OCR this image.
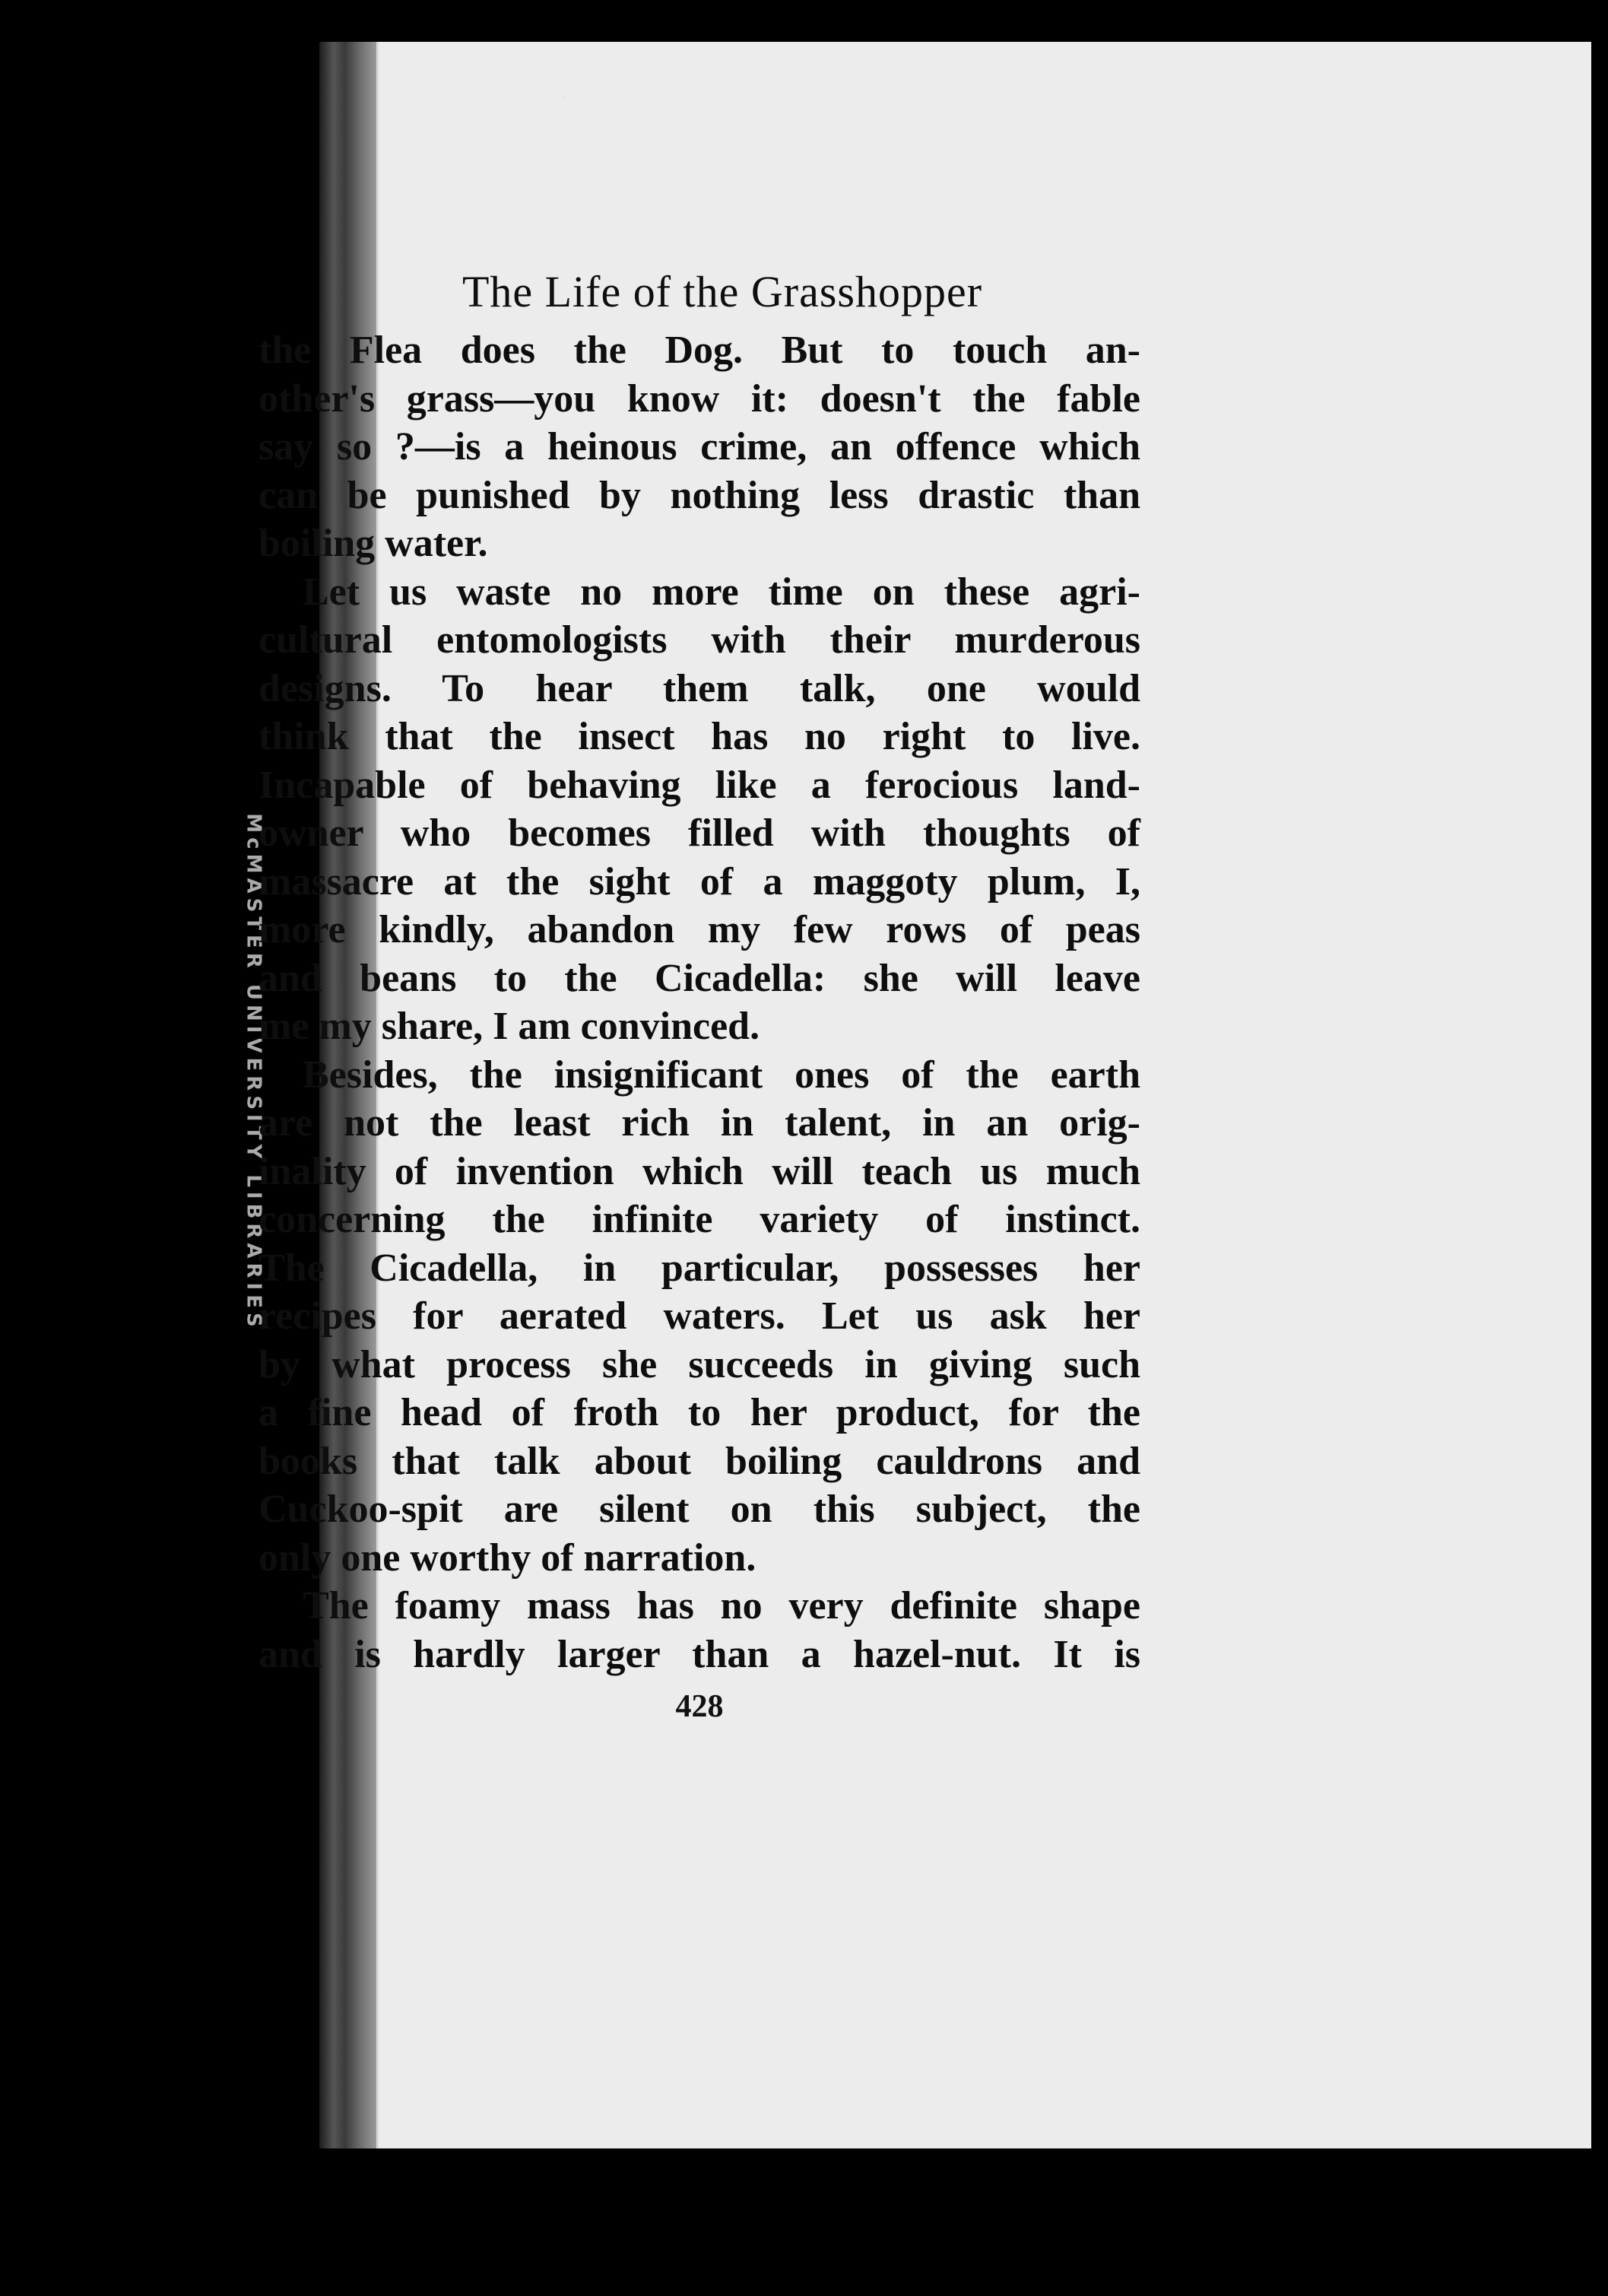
McMASTER UNIVERSITY LIBRARIES
The Life of the Grasshopper

the Flea does the Dog. But to touch an-
other's grass—you know it: doesn't the fable
say so ?—is a heinous crime, an offence which
can be punished by nothing less drastic than
boiling water.

Let us waste no more time on these agri-
cultural entomologists with their murderous
designs. To hear them talk, one would
think that the insect has no right to live.
Incapable of behaving like a ferocious land-
owner who becomes filled with thoughts of
massacre at the sight of a maggoty plum, I,
more kindly, abandon my few rows of peas
and beans to the Cicadella: she will leave
me my share, I am convinced.

Besides, the insignificant ones of the earth
are not the least rich in talent, in an orig-
inality of invention which will teach us much
concerning the infinite variety of instinct.
The Cicadella, in particular, possesses her
recipes for aerated waters. Let us ask her
by what process she succeeds in giving such
a fine head of froth to her product, for the
books that talk about boiling cauldrons and
Cuckoo-spit are silent on this subject, the
only one worthy of narration.

The foamy mass has no very definite shape
and is hardly larger than a hazel-nut. It is

428
